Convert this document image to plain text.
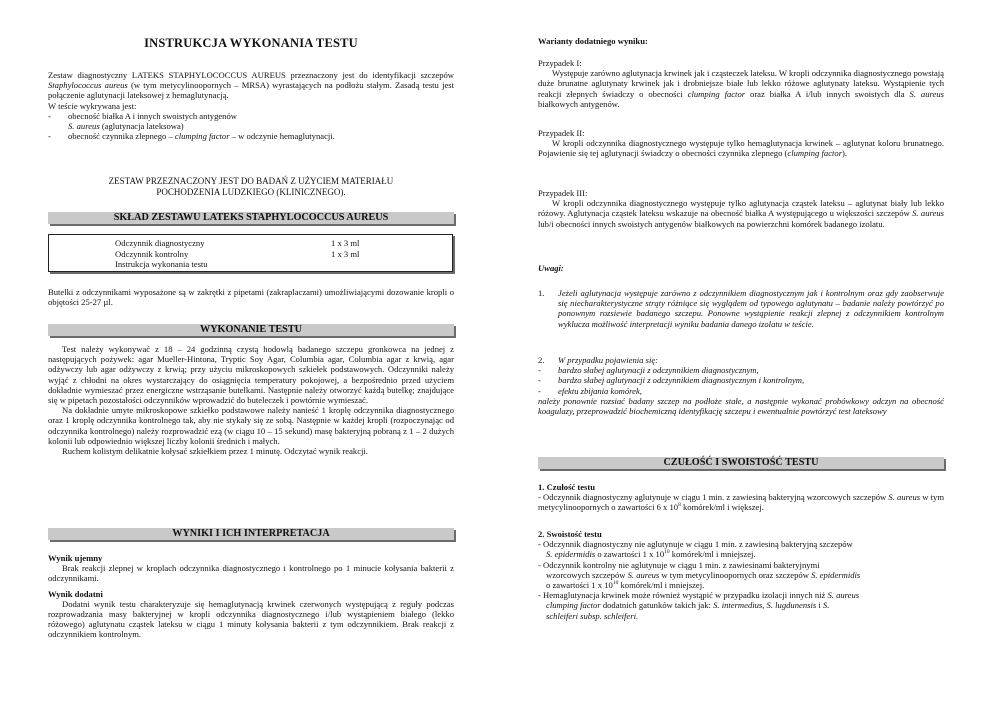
INSTRUKCJA WYKONANIA TESTU
Zestaw diagnostyczny LATEKS STAPHYLOCOCCUS AUREUS przeznaczony jest do identyfikacji szczepów Staphylococcus aureus (w tym metycylinoopornych – MRSA) wyrastających na podłożu stałym. Zasadą testu jest połączenie aglutynacji lateksowej z hemaglutynacją.
W teście wykrywana jest:
-	obecność białka A i innych swoistych antygenów
S. aureus (aglutynacja lateksowa)
-	obecność czynnika zlepnego – clumping factor – w odczynie hemaglutynacji.
ZESTAW PRZEZNACZONY JEST DO BADAŃ Z UŻYCIEM MATERIAŁU
POCHODZENIA LUDZKIEGO (KLINICZNEGO).
SKŁAD ZESTAWU LATEKS STAPHYLOCOCCUS AUREUS
Odczynnik diagnostyczny	1 x 3 ml
Odczynnik kontrolny	1 x 3 ml
Instrukcja wykonania testu
Butelki z odczynnikami wyposażone są w zakrętki z pipetami (zakraplaczami) umożliwiającymi dozowanie kropli o objętości 25-27 µl.
WYKONANIE TESTU
Test należy wykonywać z 18 – 24 godzinną czystą hodowlą badanego szczepu gronkowca na jednej z następujących pożywek: agar Mueller-Hintona, Tryptic Soy Agar, Columbia agar, Columbia agar z krwią, agar odżywczy lub agar odżywczy z krwią; przy użyciu mikroskopowych szkiełek podstawowych. Odczynniki należy wyjąć z chłodni na okres wystarczający do osiągnięcia temperatury pokojowej, a bezpośrednio przed użyciem dokładnie wymieszać przez energiczne wstrząsanie butelkami. Następnie należy otworzyć każdą butelkę; znajdujące się w pipetach pozostałości odczynników wprowadzić do buteleczek i powtórnie wymieszać.
Na dokładnie umyte mikroskopowe szkiełko podstawowe należy nanieść 1 kroplę odczynnika diagnostycznego oraz 1 kroplę odczynnika kontrolnego tak, aby nie stykały się ze sobą. Następnie w każdej kropli (rozpoczynając od odczynnika kontrolnego) należy rozprowadzić ezą (w ciągu 10 – 15 sekund) masę bakteryjną pobraną z 1 – 2 dużych kolonii lub odpowiednio większej liczby kolonii średnich i małych.
Ruchem kolistym delikatnie kołysać szkiełkiem przez 1 minutę. Odczytać wynik reakcji.
WYNIKI I ICH INTERPRETACJA
Wynik ujemny
Brak reakcji zlepnej w kroplach odczynnika diagnostycznego i kontrolnego po 1 minucie kołysania bakterii z odczynnikami.
Wynik dodatni
Dodatni wynik testu charakteryzuje się hemaglutynacją krwinek czerwonych występującą z reguły podczas rozprowadzania masy bakteryjnej w kropli odczynnika diagnostycznego i/lub wystąpieniem białego (lekko różowego) aglutynatu cząstek lateksu w ciągu 1 minuty kołysania bakterii z tym odczynnikiem. Brak reakcji z odczynnikiem kontrolnym.
Warianty dodatniego wyniku:
Przypadek I:
Występuje zarówno aglutynacja krwinek jak i cząsteczek lateksu. W kropli odczynnika diagnostycznego powstają duże brunatne aglutynaty krwinek jak i drobniejsze białe lub lekko różowe aglutynaty lateksu. Wystąpienie tych reakcji złepnych świadczy o obecności clumping factor oraz białka A i/lub innych swoistych dla S. aureus białkowych antygenów.
Przypadek II:
W kropli odczynnika diagnostycznego występuje tylko hemaglutynacja krwinek – aglutynat koloru brunatnego. Pojawienie się tej aglutynacji świadczy o obecności czynnika zlepnego (clumping factor).
Przypadek III:
W kropli odczynnika diagnostycznego występuje tylko aglutynacja cząstek lateksu – aglutynat biały lub lekko różowy. Aglutynacja cząstek lateksu wskazuje na obecność białka A występującego u większości szczepów S. aureus lub/i obecności innych swoistych antygenów białkowych na powierzchni komórek badanego izolatu.
Uwagi:
1.	Jeżeli aglutynacja występuje zarówno z odczynnikiem diagnostycznym jak i kontrolnym oraz gdy zaobserwuje się niecharakterystyczne strąty różniące się wyglądem od typowego aglutynatu – badanie należy powtórzyć po ponownym rozsiewie badanego szczepu. Ponowne wystąpienie reakcji zlepnej z odczynnikiem kontrolnym wyklucza możliwość interpretacji wyniku badania danego izolatu w teście.
2.	W przypadku pojawienia się:
-	bardzo słabej aglutynacji z odczynnikiem diagnostycznym,
-	bardzo słabej aglutynacji z odczynnikiem diagnostycznym i kontrolnym,
-	efektu zbijania komórek,
należy ponownie rozsiać badany szczep na podłoże stałe, a następnie wykonać probówkowy odczyn na obecność koagulazy, przeprowadzić biochemiczną identyfikację szczepu i ewentualnie powtórzyć test lateksowy
CZUŁOŚĆ I SWOISTOŚĆ TESTU
1. Czułość testu
- Odczynnik diagnostyczny aglutynuje w ciągu 1 min. z zawiesiną bakteryjną wzorcowych szczepów S. aureus w tym metycylinoopornych o zawartości 6 x $10^8$ komórek/ml i większej.
2. Swoistość testu
- Odczynnik diagnostyczny nie aglutynuje w ciągu 1 min. z zawiesiną bakteryjną szczepów
S. epidermidis o zawartości 1 x $10^{10}$ komórek/ml i mniejszej.
- Odczynnik kontrolny nie aglutynuje w ciągu 1 min. z zawiesinami bakteryjnymi
wzorcowych szczepów S. aureus w tym metycylinoopornych oraz szczepów S. epidermidis
o zawartości 1 x $10^{10}$ komórek/ml i mniejszej.
- Hemaglutynacja krwinek może również wystąpić w przypadku izolacji innych niż S. aureus
clumping factor dodatnich gatunków takich jak: S. intermedius, S. lugdunensis i S.
schleiferi subsp. schleiferi.
